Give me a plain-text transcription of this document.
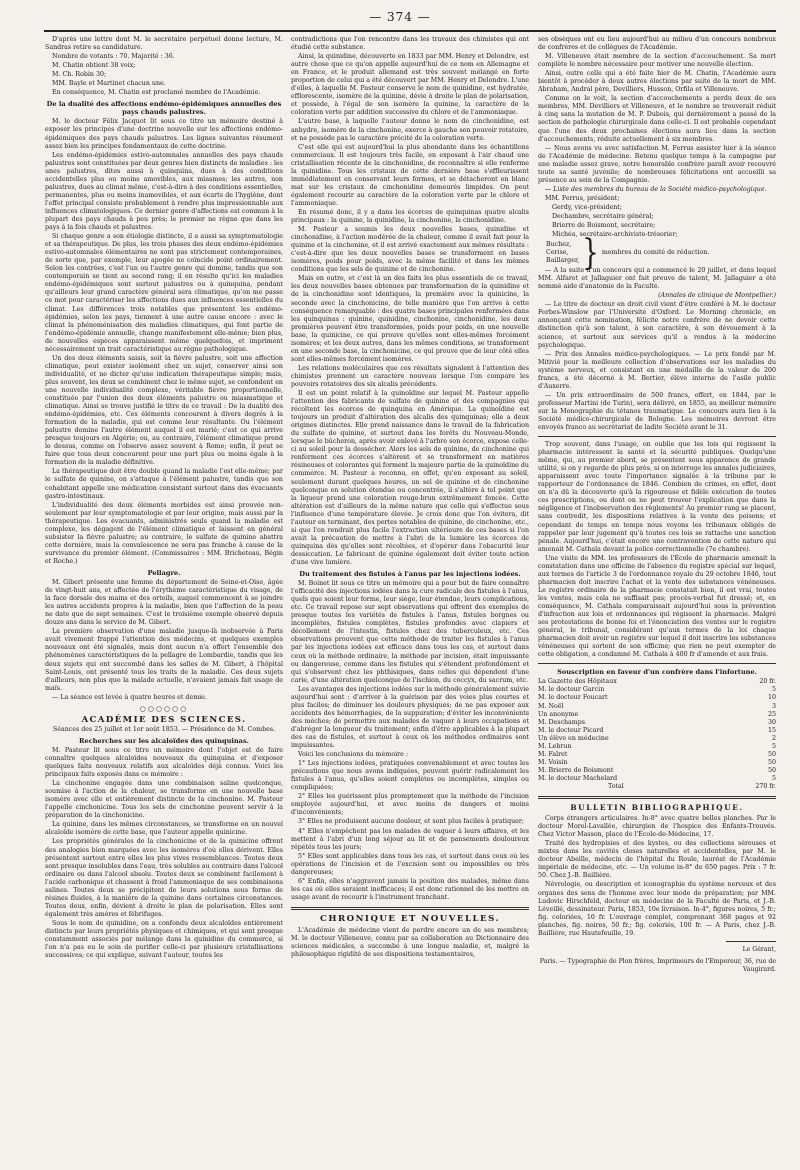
— 374 —

D'après une lettre dont M. le secrétaire perpétuel donne lecture, M. Sandras retire sa candidature.

Nombre de votants : 70. Majorité : 36.

M. Chatin obtient 38 voix;

M. Ch. Robin 30;

MM. Bayle et Martinet chacun une.

En conséquence, M. Chatin est proclamé membre de l'Académie.

De la dualité des affections endémo-épidémiques annuelles des pays chauds palustres.

M. le docteur Félix Jacquot lit sous ce titre un mémoire destiné à exposer les principes d'une doctrine nouvelle sur les affections endémo-épidémiques des pays chauds palustres. Les lignes suivantes résument assez bien les principes fondamentaux de cette doctrine.

Les endémo-épidémies estivo-automnales annuelles des pays chauds palustres sont constituées par deux genres bien distincts de maladies : les unes palustres, dites aussi à quinquina, dues à des conditions accidentelles plus ou moins amovibles, aux miasmes; les autres, non palustres, dues au climat même, c'est-à-dire à des conditions essentielles, permanentes, plus ou moins inamovibles, et aux écarts de l'hygiène, dont l'effet principal consiste probablement à rendre plus impressionnable aux influences climatologiques. Ce dernier genre d'affections est commun à la plupart des pays chauds à peu près; le premier ne règne que dans les pays à la fois chauds et palustres.

Si chaque genre a son étiologie distincte, il a aussi sa symptomatologie et sa thérapeutique. De plus, les trois phases des deux endémo-épidémies estivo-automnales élémentaires ne sont pas strictement contemporaines, de sorte que, par exemple, leur apogée ne coïncide point ordinairement. Selon les contrées, c'est l'un ou l'autre genre qui domine, tandis que son contemporain se tient au second rang; il en résulte qu'ici les maladies endémo-épidémiques sont surtout palustres ou à quinquina, pendant qu'ailleurs leur grand caractère général sera climatique, qu'on me passe ce mot pour caractériser les affections dues aux influences essentielles du climat. Les différences trois notables que présentent les endémo-épidémies, selon les pays, tiennent à une autre cause encore : avec le climat la phénoménisation des maladies climatiques, qui font partie de l'endémo-épidémie annuelle, change manifestement elle-même; bien plus, de nouvelles espèces apparaissent même quelquefois, et impriment nécessairement un trait caractéristique au règne pathologique.

Un des deux éléments saisis, soit la fièvre palustre, soit une affection climatique, peut exister isolément chez un sujet, conserver ainsi son individualité, et ne dicter qu'une indication thérapeutique simple; mais, plus souvent, les deux se combinent chez le même sujet, se confondent en une nouvelle individualité complexe, véritable fièvre proportionnelle, constituée par l'union des deux éléments palustre ou miasmatique et climatique. Ainsi se trouve justifié le titre de ce travail : De la dualité des endémo-épidémies, etc. Ces éléments concourent à divers degrés à la formation de la maladie, qui est comme leur résultante. Ou l'élément palustre domine l'autre élément auquel il est marié; c'est ce qui arrive presque toujours en Algérie; ou, au contraire, l'élément climatique prend le dessus, comme on l'observe assez souvent à Rome; enfin, il peut se faire que tous deux concourent pour une part plus ou moins égale à la formation de la maladie définitive.

La thérapeutique doit être double quand la maladie l'est elle-même; par le sulfate de quinine, on s'attaque à l'élément palustre, tandis que son cohabitant appelle une médication consistant surtout dans des évacuants gastro-intestinaux.

L'individualité des deux éléments morbides est ainsi prouvée non-seulement par leur symptomatologie et par leur origine, mais aussi par la thérapeutique. Les évacuants, administrés seuls quand la maladie est complexe, les dégagent de l'élément climatique et laissent en général subsister la fièvre palustre; au contraire, le sulfate de quinine abattra cette dernière, mais la convalescence ne sera pas franche à cause de la survivance du premier élément. (Commissaires : MM. Bricheteau, Bégin et Roche.)

Pellagre.

M. Gibert présente une femme du département de Seine-et-Oise, âgée de vingt-huit ans, et affectée de l'érythème caractéristique du visage, de la face dorsale des mains et des orteils, auquel commencent à se joindre les autres accidents propres à la maladie, bien que l'affection de la peau ne date que de sept semaines. C'est le troisième exemple observé depuis douze ans dans le service de M. Gibert.

La première observation d'une maladie jusque-là inobservée à Paris avait vivement frappé l'attention des médecins, et quelques exemples nouveaux ont été signalés, mais dont aucun n'a offert l'ensemble des phénomènes caractéristiques de la pellagre de Lombardie, tandis que les deux sujets qui ont succombé dans les salles de M. Gibert, à l'hôpital Saint-Louis, ont présenté tous les traits de la maladie. Ces deux sujets d'ailleurs, non plus que la malade actuelle, n'avaient jamais fait usage de maïs.

— La séance est levée à quatre heures et demie.

○○○○○○
ACADÉMIE DES SCIENCES.

Séances des 25 juillet et 1er août 1853. — Présidence de M. Combes.

Recherches sur les alcaloïdes des quinquinas.

M. Pasteur lit sous ce titre un mémoire dont l'objet est de faire connaître quelques alcaloïdes nouveaux du quinquina et d'exposer quelques faits nouveaux relatifs aux alcaloïdes déjà connus. Voici les principaux faits exposés dans ce mémoire :

La cinchonine engagée dans une combinaison saline quelconque, soumise à l'action de la chaleur, se transforme en une nouvelle base isomère avec elle et entièrement distincte de la cinchonine. M. Pasteur l'appelle cinchonicine. Tous les sels de cinchonine peuvent servir à la préparation de la cinchonicine.

La quinine, dans les mêmes circonstances, se transforme en un nouvel alcaloïde isomère de cette base, que l'auteur appelle quinicine.

Les propriétés générales de la cinchonicine et de la quinicine offrent des analogies bien marquées avec les isomères d'où elles dérivent. Elles présentent surtout entre elles les plus vives ressemblances. Toutes deux sont presque insolubles dans l'eau, très solubles au contraire dans l'alcool ordinaire ou dans l'alcool absolu. Toutes deux se combinent facilement à l'acide carbonique et chassent à froid l'ammoniaque de ses combinaisons salines. Toutes deux se précipitent de leurs solutions sous forme de résines fluides, à la manière de la quinine dans certaines circonstances. Toutes deux, enfin, dévient à droite le plan de polarisation. Elles sont également très amères et fébrifuges.

Sous le nom de quinidine, on a confondu deux alcaloïdes entièrement distincts par leurs propriétés physiques et chimiques, et qui sont presque constamment associés par mélange dans la quinidine du commerce, si l'on n'a pas eu le soin de purifier celle-ci par plusieurs cristallisations successives; ce qui explique, suivant l'auteur, toutes les

contradictions que l'on rencontre dans les travaux des chimistes qui ont étudié cette substance.

Ainsi, la quinidine, découverte en 1833 par MM. Henry et Delondre, est autre chose que ce qu'on appelle aujourd'hui de ce nom en Allemagne et en France, et le produit allemand est très souvent mélangé en forte proportion de celui qui a été découvert par MM. Henry et Delondre. L'une d'elles, à laquelle M. Pasteur conserve le nom de quinidine, est hydratée, efflorescente, isomère de la quinine, dévie à droite le plan de polarisation, et possède, à l'égal de son isomère la quinine, la caractère de la coloration verte par addition successive du chlore et de l'ammoniaque.

L'autre base, à laquelle l'auteur donne le nom de cinchonidine, est anhydre, isomère de la cinchonine, exerce à gauche son pouvoir rotatoire, et ne possède pas le caractère précité de la coloration verte.

C'est elle qui est aujourd'hui la plus abondante dans les échantillons commerciaux. Il est toujours très facile, en exposant à l'air chaud une cristallisation récente de la cinchonidine, de reconnaître si elle renferme la quinidine. Tous les cristaux de cette dernière base s'effleurissent immédiatement en conservant leurs formes, et se détacheront en blanc mat sur les cristaux de cinchonidine demeurés limpides. On peut également recourir au caractère de la coloration verte par le chlore et l'ammoniaque.

En résumé donc, il y a dans les écorces de quinquinas quatre alcalis principaux : la quinine, la quinidine, la cinchonine, la cinchonidine.

M. Pasteur a soumis les deux nouvelles bases, quinidine et cinchonidine, à l'action modérée de la chaleur, comme il avait fait pour la quinine et la cinchonine, et il est arrivé exactement aux mêmes résultats : c'est-à-dire que les deux nouvelles bases se transforment en bases isomères, poids pour poids, avec la même facilité et dans les mêmes conditions que les sels de quinine et de cinchonine.

Mais en outre, et c'est là un des faits les plus essentiels de ce travail, les deux nouvelles bases obtenues par transformation de la quinidine et de la cinchonidine sont identiques, la première avec la quinicine, la seconde avec la cinchonicine, de telle manière que l'on arrive à cette conséquence remarquable : des quatre bases principales renfermées dans les quinquinas : quinine, quinidine, cinchonine, cinchonidine, les deux premières peuvent être transformées, poids pour poids, en une nouvelle base, la quinicine, ce qui prouve qu'elles sont elles-mêmes forcément isomères; et les deux autres, dans les mêmes conditions, se transforment en une seconde base, la cinchonicine, ce qui prouve que de leur côté elles sont elles-mêmes forcément isomères.

Les relations moléculaires que ces résultats signalent à l'attention des chimistes prennent un caractère nouveau lorsque l'on compare les pouvoirs rotatoires des six alcalis précédents.

Il est un point relatif à la quinoïdine sur lequel M. Pasteur appelle l'attention des fabricants de sulfate de quinine et des compagnies qui récoltent les écorces de quinquina en Amérique. La quinoïdine est toujours un produit d'altération des alcalis des quinquinas; elle a deux origines distinctes. Elle prend naissance dans le travail de la fabrication du sulfate de quinine, et surtout dans les forêts du Nouveau-Monde, lorsque le bûcheron, après avoir enlevé à l'arbre son écorce, expose celle-ci au soleil pour la dessécher. Alors les sels de quinine, de cinchonine qui renferment ces écorces s'altèrent et se transforment en matières résineuses et colorantes qui forment la majeure partie de la quinoïdine du commerce. M. Pasteur a reconnu, en effet, qu'en exposant au soleil, seulement durant quelques heures, un sel de quinine et de cinchonine quelconque en solution étendue ou concentrée, il s'altère à tel point que la liqueur prend une coloration rouge-brun extrêmement foncée. Cette altération est d'ailleurs de la même nature que celle qui s'effectue sous l'influence d'une température élevée. Je crois donc que l'on évitera, dit l'auteur en terminant, des pertes notables de quinine, de cinchonine, etc., si que l'on rendrait plus facile l'extraction ultérieure de ces bases si l'on avait la précaution de mettre à l'abri de la lumière les écorces de quinquina dès qu'elles sont récoltées, et d'opérer dans l'obscurité leur dessiccation. Le fabricant de quinine également doit éviter toute action d'une vive lumière.

Du traitement des fistules à l'anus par les injections iodées.

M. Boinet lit sous ce titre un mémoire qui a pour but de faire connaître l'efficacité des injections iodées dans la cure radicale des fistules à l'anus, quels que soient leur forme, leur siège, leur étendue, leurs complications, etc. Ce travail repose sur sept observations qui offrent des exemples de presque toutes les variétés de fistules à l'anus, fistules borgnes ou incomplètes, fistules complètes, fistules profondes avec clapiers et décollement de l'intestin, fistules chez des tuberculeux, etc. Ces observations prouvent que cette méthode de traiter les fistules à l'anus par les injections iodées est efficace dans tous les cas, et surtout dans ceux où la méthode ordinaire, la méthode par incision, était impuissante ou dangereuse, comme dans les fistules qui s'étendent profondément et qui s'observent chez les phthisiques, dans celles qui dépendent d'une carie, d'une altération quelconque de l'ischion, du coccyx, du sacrum, etc.

Les avantages des injections iodées sur la méthode généralement suivie aujourd'hui sont : d'arriver à la guérison par des voies plus courtes et plus faciles; de diminuer les douleurs physiques; de ne pas exposer aux accidents des hémorrhagies, de la suppuration; d'éviter les inconvénients des mèches; de permettre aux malades de vaquer à leurs occupations et d'abréger la longueur du traitement; enfin d'être applicables à la plupart des cas de fistules, et surtout à ceux où les méthodes ordinaires sont impuissantes.

Voici les conclusions du mémoire :

1° Les injections iodées, pratiquées convenablement et avec toutes les précautions que nous avons indiquées, peuvent guérir radicalement les fistules à l'anus, qu'elles soient complètes ou incomplètes, simples ou compliquées;

2° Elles les guérissent plus promptement que la méthode de l'incision employée aujourd'hui, et avec moins de dangers et moins d'inconvénients;

3° Elles ne produisent aucune douleur, et sont plus faciles à pratiquer;

4° Elles n'empêchent pas les malades de vaquer à leurs affaires, et les mettent à l'abri d'un long séjour au lit et de pansements douloureux répétés tous les jours;

5° Elles sont applicables dans tous les cas, et surtout dans ceux où les opérations de l'incision et de l'excision sont ou impossibles ou très dangereuses;

6° Enfin, elles n'aggravent jamais la position des malades, même dans les cas où elles seraient inefficaces; il est donc rationnel de les mettre en usage avant de recourir à l'instrument tranchant.

CHRONIQUE ET NOUVELLES.

L'Académie de médecine vient de perdre encore un de ses membres; M. le docteur Villeneuve, connu par sa collaboration au Dictionnaire des sciences médicales, a succombé à une longue maladie, et, malgré la philosophique rigidité de ses dispositions testamentaires,

ses obsèques ont eu lieu aujourd'hui au milieu d'un concours nombreux de confrères et de collègues de l'Académie.

M. Villeneuve était membre de la section d'accouchement. Sa mort complète le nombre nécessaire pour motiver une nouvelle élection.

Ainsi, outre celle qui a été faite hier de M. Chatin, l'Académie aura bientôt à procéder à deux autres élections par suite de la mort de MM. Abraham, Andral père, Devilliers, Husson, Orfila et Villeneuve.

Comme on le voit, la section d'accouchements a perdu deux de ses membres, MM. Devilliers et Villeneuve, et le nombre se trouverait réduit à cinq sans la mutation de M. P. Dubois, qui dernièrement a passé de la section de pathologie chirurgicale dans celle-ci. Il est probable cependant que l'une des deux prochaines élections aura lieu dans la section d'accouchements, réduite actuellement à six membres.

— Nous avons vu avec satisfaction M. Ferrus assister hier à la séance de l'Académie de médecine. Retenu quelque temps à la campagne par une maladie assez grave, notre honorable confrère paraît avoir recouvré toute sa santé juvénile; de nombreuses félicitations ont accueilli sa présence au sein de la Compagnie.

— Liste des membres du bureau de la Société médico-psychologique.

MM. Ferrus, président;

Gerdy, vice-président;

Dechambre, secrétaire général;

Brierre de Boismont, secrétaire;

Michéa, secrétaire-archiviste-trésorier;

Buchez,
Cerise,
Baillarger, } membres du comité de rédaction.

— A la suite d'un concours qui a commencé le 20 juillet, et dans lequel MM. Alfaret et Jallaguier ont fait preuve de talent, M. Jallaguier a été nommé aide d'anatomie de la Faculté.

(Annales de clinique de Montpellier.)

— Le titre de docteur en droit civil vient d'être conféré à M. le docteur Forbes-Winslow par l'Université d'Oxford. Le Morning chronicle, en annonçant cette nomination, félicite notre confrère de ne devoir cette distinction qu'à son talent, à son caractère, à son dévouement à la science, et surtout aux services qu'il a rendus à la médecine psychologique.

— Prix des Annales médico-psychologiques. — Le prix fondé par M. Mitivié pour la meilleure collection d'observations sur les maladies du système nerveux, et consistant en une médaille de la valeur de 200 francs, a été décerné à M. Bertier, élève interne de l'asile public d'Auxerre.

— Un prix extraordinaire de 500 francs, offert, en 1844, par le professeur Martini (de Turin), sera délivré, en 1855, au meilleur mémoire sur la Monographie du tétanos traumatique. Le concours aura lieu à la Société médico-chirurgicale de Bologne. Les mémoires devront être envoyés franco au secrétariat de ladite Société avant le 31.

Trop souvent, dans l'usage, on oublie que les lois qui régissent la pharmacie intéressent la santé et la sécurité publiques. Quelqu'une même, qui, au premier abord, se présentent sous apparence de grande utilité, si on y regarde de plus près, si on interroge les annales judiciaires, apparaissent avec toute l'importance signalée à la tribune par le rapporteur de l'ordonnance de 1846. Combien de crimes, en effet, dont on n'a dû la découverte qu'à la rigoureuse et fidèle exécution de toutes ces prescriptions, ou dont on ne peut trouver l'explication que dans la négligence et l'inobservation des règlements! Au premier rang se placent, sans contredit, les dispositions relatives à la vente des poisons; et cependant de temps en temps nous voyons les tribunaux obligés de rappeler par leur jugement qu'à toutes ces lois se rattache une sanction pénale. Aujourd'hui, c'était encore une contravention de cette nature qui amenait M. Cathala devant la police correctionnelle (7e chambre).

Une visite de MM. les professeurs de l'École de pharmacie amenait la constatation dans une officine de l'absence du registre spécial sur lequel, aux termes de l'article 3 de l'ordonnance royale du 29 octobre 1846, tout pharmacien doit inscrire l'achat et la vente des substances vénéneuses. Le registre ordinaire de la pharmacie constatait bien, il est vrai, toutes les ventes, mais cela ne suffisait pas; procès-verbal fut dressé; et, en conséquence, M. Cathala comparaissait aujourd'hui sous la prévention d'infraction aux lois et ordonnances qui régissent la pharmacie. Malgré ses protestations de bonne foi et l'énonciation des ventes sur le registre général, le tribunal, considérant qu'aux termes de la loi chaque pharmacien doit avoir un registre sur lequel il doit inscrire les substances vénéneuses qui sortent de son officine; que rien ne peut exempter de cette obligation, a condamné M. Cathala à 400 fr d'amende et aux frais.

Souscription en faveur d'un confrère dans l'infortune.
La Gazette des Hôpitaux	20 fr.
M. le docteur Garcin	5
M. le docteur Foucart	10
M. Noël	3
Un anonyme	25
M. Deschamps	30
M. le docteur Picard	15
Un élève en médecine	2
M. Lebrun	5
M. Falret	50
M. Voisin	50
M. Brierre de Boismont	50
M. le docteur Machelard	5
Total	270 fr.
BULLETIN BIBLIOGRAPHIQUE.

Corps étrangers articulaires. In-8° avec quatre belles planches. Par le docteur Morel-Lavallée, chirurgien de l'hospice des Enfants-Trouvés. Chez Victor Masson, place de l'École-de-Médecine, 17.

Traité des hydropisies et des kystes, ou des collections séreuses et mixtes dans les cavités closes naturelles et accidentelles, par M. le docteur Abeille, médecin de l'hôpital du Roule, lauréat de l'Académie impériale de médecine, etc. — Un volume in-8° de 650 pages. Prix : 7 fr. 50. Chez J.-B. Baillière.

Névrologie, ou description et iconographie du système nerveux et des organes des sens de l'homme avec leur mode de préparation; par MM. Ludovic Hirschfeld, docteur en médecine de la Faculté de Paris, et J.-B. Léveillé, dessinateur. Paris, 1853, 10e livraison. In-4°, figures noires, 5 fr.; fig. coloriées, 10 fr. L'ouvrage complet, comprenant 368 pages et 92 planches, fig. noires, 50 fr.; fig. coloriés, 100 fr. — A Paris, chez J.-B. Baillière, rue Hautefeuille, 19.

Le Gérant,
Paris. — Typographie de Plon frères, Imprimeurs de l'Empereur, 36, rue de Vaugirard.
